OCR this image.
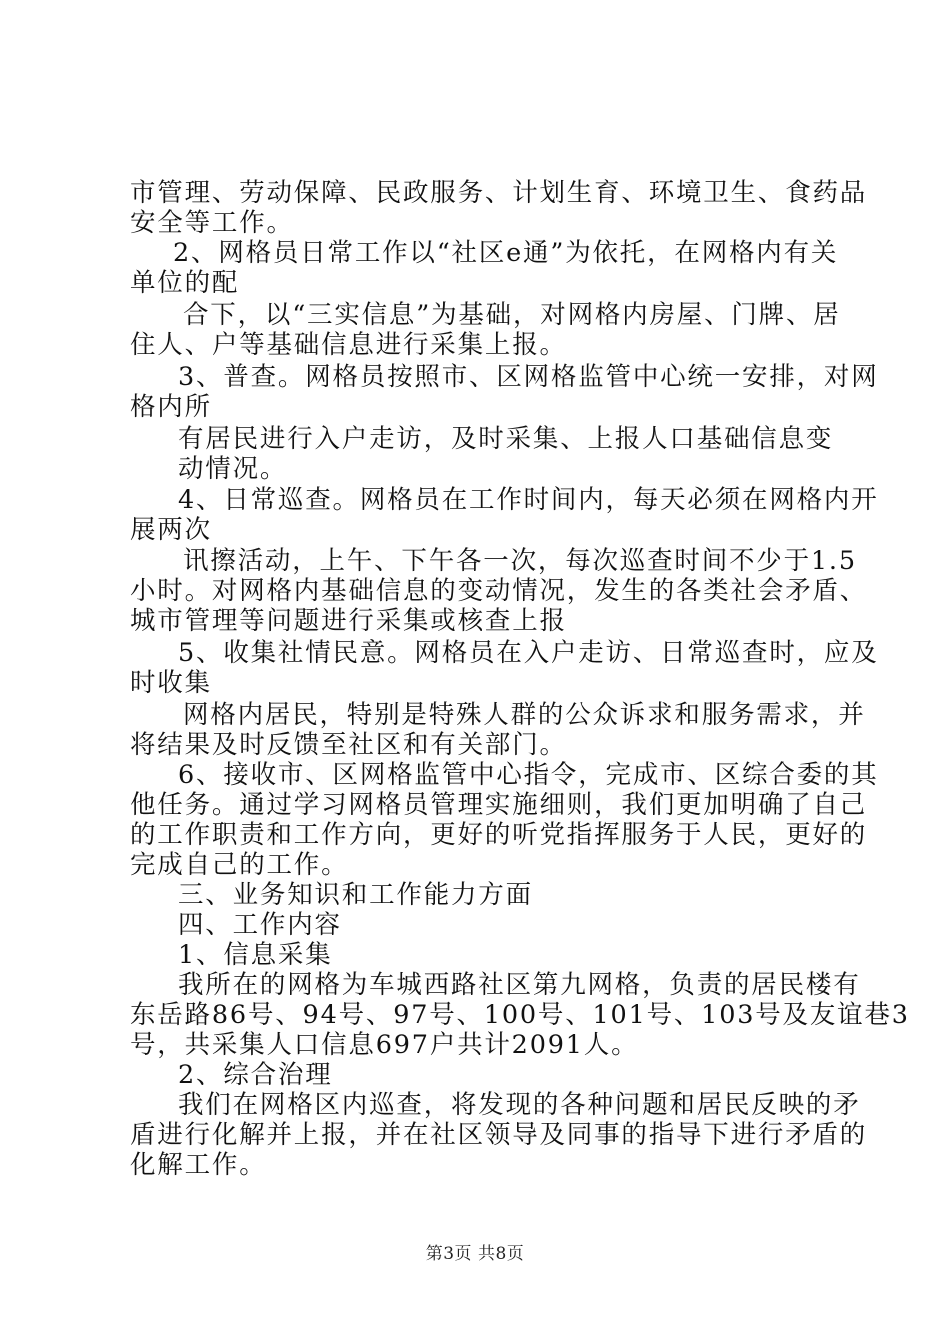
市管理、劳动保障、民政服务、计划生育、环境卫生、食药品
安全等工作。
2、网格员日常工作以“社区e通”为依托，在网格内有关
单位的配
合下，以“三实信息”为基础，对网格内房屋、门牌、居
住人、户等基础信息进行采集上报。
3、普查。网格员按照市、区网格监管中心统一安排，对网
格内所
有居民进行入户走访，及时采集、上报人口基础信息变
动情况。
4、日常巡查。网格员在工作时间内，每天必须在网格内开
展两次
讯擦活动，上午、下午各一次，每次巡查时间不少于1.5
小时。对网格内基础信息的变动情况，发生的各类社会矛盾、
城市管理等问题进行采集或核查上报
5、收集社情民意。网格员在入户走访、日常巡查时，应及
时收集
网格内居民，特别是特殊人群的公众诉求和服务需求，并
将结果及时反馈至社区和有关部门。
6、接收市、区网格监管中心指令，完成市、区综合委的其
他任务。通过学习网格员管理实施细则，我们更加明确了自己
的工作职责和工作方向，更好的听党指挥服务于人民，更好的
完成自己的工作。
三、业务知识和工作能力方面
四、工作内容
1、信息采集
我所在的网格为车城西路社区第九网格，负责的居民楼有
东岳路86号、94号、97号、100号、101号、103号及友谊巷3
号，共采集人口信息697户共计2091人。
2、综合治理
我们在网格区内巡查，将发现的各种问题和居民反映的矛
盾进行化解并上报，并在社区领导及同事的指导下进行矛盾的
化解工作。
第3页 共8页
